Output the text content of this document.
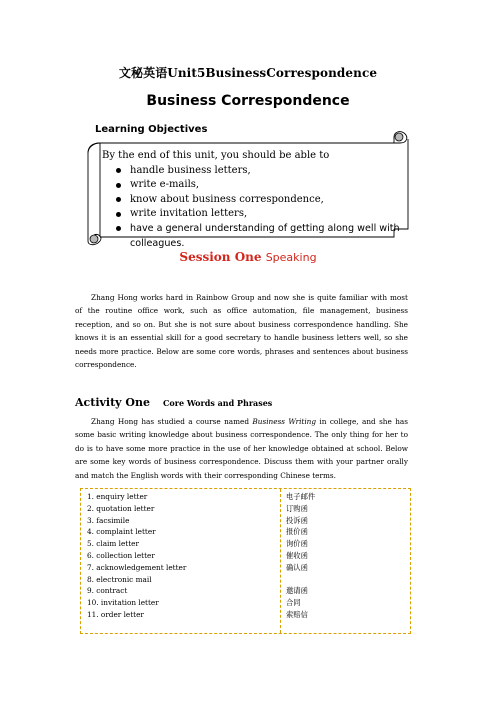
文秘英语Unit5BusinessCorrespondence
Business Correspondence
Learning Objectives

By the end of this unit, you should be able to

handle business letters,
write e-mails,
know about business correspondence,
write invitation letters,
have a general understanding of getting along well with colleagues.
Session One Speaking

Zhang Hong works hard in Rainbow Group and now she is quite familiar with most of the routine office work, such as office automation, file management, business reception, and so on. But she is not sure about business correspondence handling. She knows it is an essential skill for a good secretary to handle business letters well, so she needs more practice. Below are some core words, phrases and sentences about business correspondence.

Activity One Core Words and Phrases

Zhang Hong has studied a course named Business Writing in college, and she has some basic writing knowledge about business correspondence. The only thing for her to do is to have some more practice in the use of her knowledge obtained at school. Below are some key words of business correspondence. Discuss them with your partner orally and match the English words with their corresponding Chinese terms.

1. enquiry letter
2. quotation letter
3. facsimile
4. complaint letter
5. claim letter
6. collection letter
7. acknowledgement letter
8. electronic mail
9. contract
10. invitation letter
11. order letter
电子邮件
订购函
投诉函
报价函
询价函
催收函
确认函
邀请函
合同
索赔信
